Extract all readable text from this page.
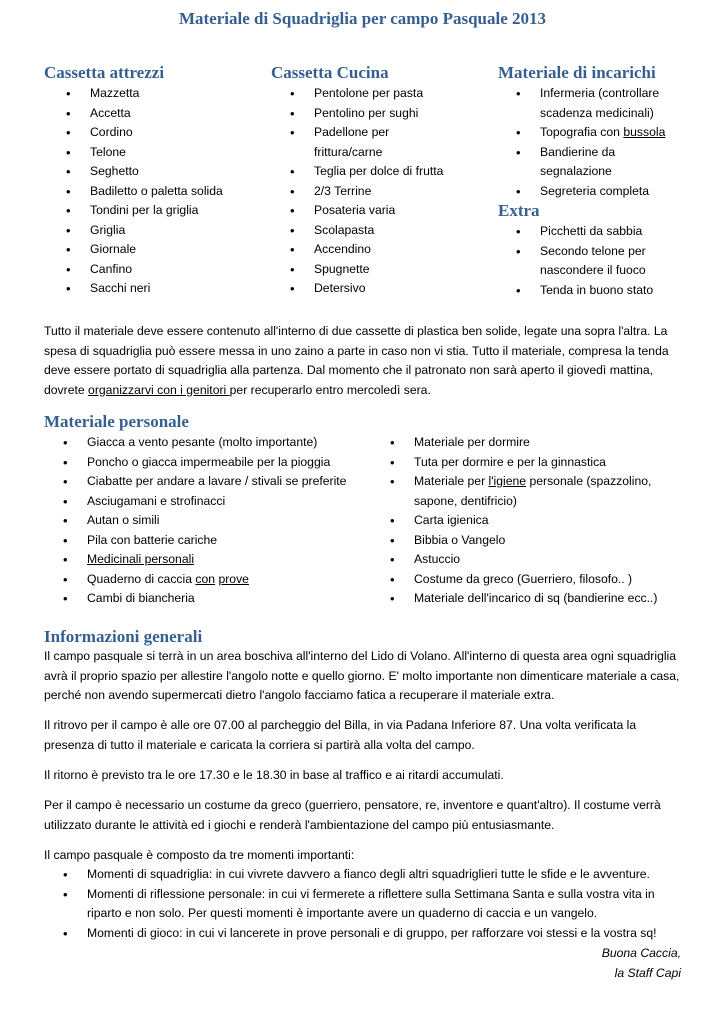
Materiale di Squadriglia per campo Pasquale 2013
Cassetta attrezzi
• Mazzetta
• Accetta
• Cordino
• Telone
• Seghetto
• Badiletto o paletta solida
• Tondini per la griglia
• Griglia
• Giornale
• Canfino
• Sacchi neri
Cassetta Cucina
• Pentolone per pasta
• Pentolino per sughi
• Padellone per
frittura/carne
• Teglia per dolce di frutta
• 2/3 Terrine
• Posateria varia
• Scolapasta
• Accendino
• Spugnette
• Detersivo
Materiale di incarichi
• Infermeria (controllare
scadenza medicinali)
• Topografia con bussola
• Bandierine da
segnalazione
• Segreteria completa
Extra
• Picchetti da sabbia
• Secondo telone per
nascondere il fuoco
• Tenda in buono stato

Tutto il materiale deve essere contenuto all'interno di due cassette di plastica ben solide, legate una sopra l'altra. La spesa di squadriglia può essere messa in uno zaino a parte in caso non vi stia. Tutto il materiale, compresa la tenda deve essere portato di squadriglia alla partenza. Dal momento che il patronato non sarà aperto il giovedì mattina, dovrete organizzarvi con i genitori per recuperarlo entro mercoledì sera.

Materiale personale
• Giacca a vento pesante (molto importante)
• Poncho o giacca impermeabile per la pioggia
• Ciabatte per andare a lavare / stivali se preferite
• Asciugamani e strofinacci
• Autan o simili
• Pila con batterie cariche
• Medicinali personali
• Quaderno di caccia con prove
• Cambi di biancheria
• Materiale per dormire
• Tuta per dormire e per la ginnastica
• Materiale per l'igiene personale (spazzolino,
sapone, dentifricio)
• Carta igienica
• Bibbia o Vangelo
• Astuccio
• Costume da greco (Guerriero, filosofo.. )
• Materiale dell'incarico di sq (bandierine ecc..)
Informazioni generali

Il campo pasquale si terrà in un area boschiva all'interno del Lido di Volano. All'interno di questa area ogni squadriglia avrà il proprio spazio per allestire l'angolo notte e quello giorno. E' molto importante non dimenticare materiale a casa, perché non avendo supermercati dietro l'angolo facciamo fatica a recuperare il materiale extra.

Il ritrovo per il campo è alle ore 07.00 al parcheggio del Billa, in via Padana Inferiore 87. Una volta verificata la presenza di tutto il materiale e caricata la corriera si partirà alla volta del campo.

Il ritorno è previsto tra le ore 17.30 e le 18.30 in base al traffico e ai ritardi accumulati.

Per il campo è necessario un costume da greco (guerriero, pensatore, re, inventore e quant'altro). Il costume verrà utilizzato durante le attività ed i giochi e renderà l'ambientazione del campo più entusiasmante.

Il campo pasquale è composto da tre momenti importanti:

• Momenti di squadriglia: in cui vivrete davvero a fianco degli altri squadriglieri tutte le sfide e le avventure.
• Momenti di riflessione personale: in cui vi fermerete a riflettere sulla Settimana Santa e sulla vostra vita in
riparto e non solo. Per questi momenti è importante avere un quaderno di caccia e un vangelo.
• Momenti di gioco: in cui vi lancerete in prove personali e di gruppo, per rafforzare voi stessi e la vostra sq!
Buona Caccia,
la Staff Capi
